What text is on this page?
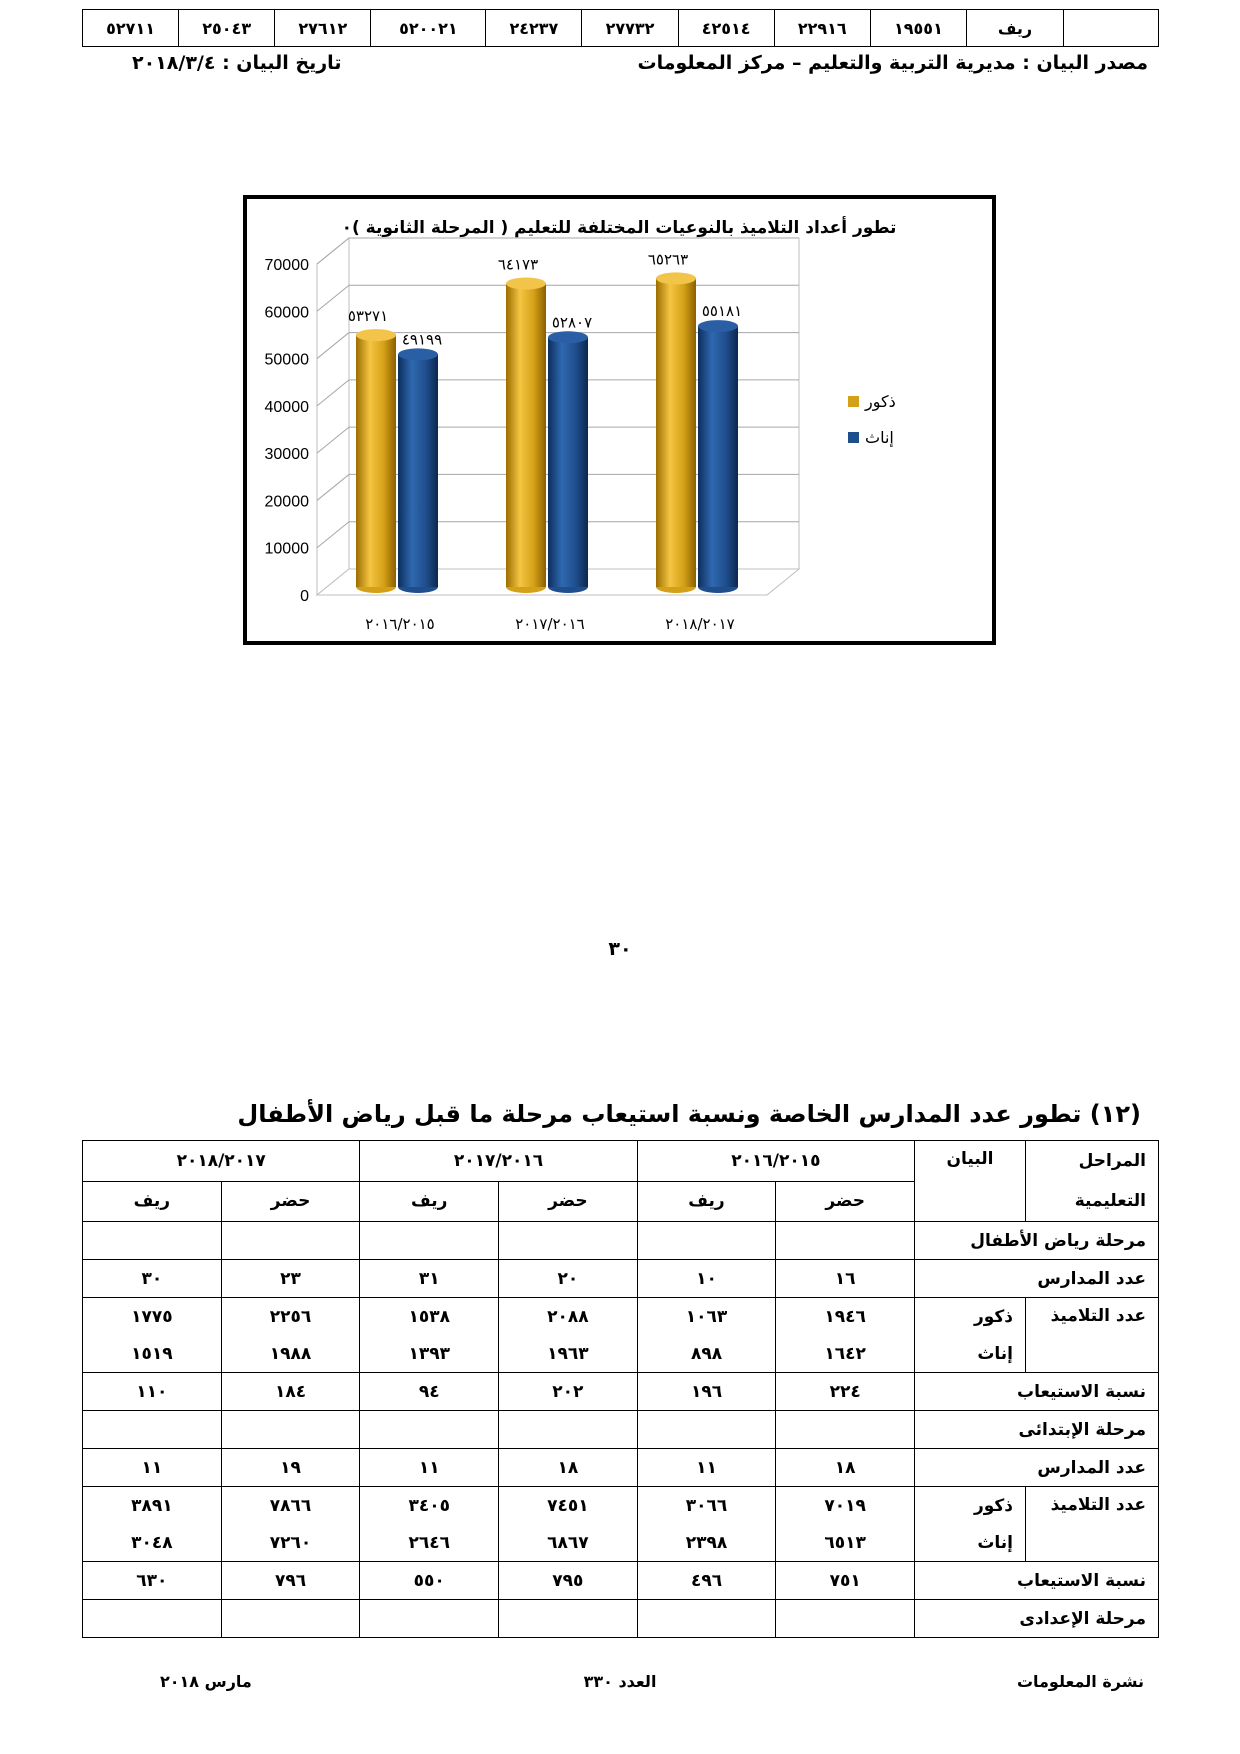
٥٢٧١١	٢٥٠٤٣	٢٧٦١٢	٥٢٠٠٢١	٢٤٢٣٧	٢٧٧٣٢	٤٢٥١٤	٢٢٩١٦	١٩٥٥١	ريف	
مصدر البيان : مديرية التربية والتعليم – مركز المعلومات
تاريخ البيان : ٢٠١٨/٣/٤
تطور أعداد التلاميذ بالنوعيات المختلفة للتعليم ( المرحلة الثانوية )٠
0
10000
20000
30000
40000
50000
60000
70000
٥٣٢٧١
٤٩١٩٩
٢٠١٦/٢٠١٥
٦٤١٧٣
٥٢٨٠٧
٢٠١٧/٢٠١٦
٦٥٢٦٣
٥٥١٨١
٢٠١٨/٢٠١٧
ذكور
إناث
٣٠
(١٢) تطور عدد المدارس الخاصة ونسبة استيعاب مرحلة ما قبل رياض الأطفال
المراحل
التعليمية	البيان	٢٠١٦/٢٠١٥		٢٠١٧/٢٠١٦		٢٠١٨/٢٠١٧	
		حضر	ريف	حضر	ريف	حضر	ريف
مرحلة رياض الأطفال							
عدد المدارس		١٦	١٠	٢٠	٣١	٢٣	٣٠
عدد التلاميذ	ذكور	١٩٤٦	١٠٦٣	٢٠٨٨	١٥٣٨	٢٢٥٦	١٧٧٥
	إناث	١٦٤٢	٨٩٨	١٩٦٣	١٣٩٣	١٩٨٨	١٥١٩
نسبة الاستيعاب		٢٢٤	١٩٦	٢٠٢	٩٤	١٨٤	١١٠
مرحلة الإبتدائى							
عدد المدارس		١٨	١١	١٨	١١	١٩	١١
عدد التلاميذ	ذكور	٧٠١٩	٣٠٦٦	٧٤٥١	٣٤٠٥	٧٨٦٦	٣٨٩١
	إناث	٦٥١٣	٢٣٩٨	٦٨٦٧	٢٦٤٦	٧٢٦٠	٣٠٤٨
نسبة الاستيعاب		٧٥١	٤٩٦	٧٩٥	٥٥٠	٧٩٦	٦٣٠
مرحلة الإعدادى							
نشرة المعلومات
العدد ٣٣٠
مارس ٢٠١٨
